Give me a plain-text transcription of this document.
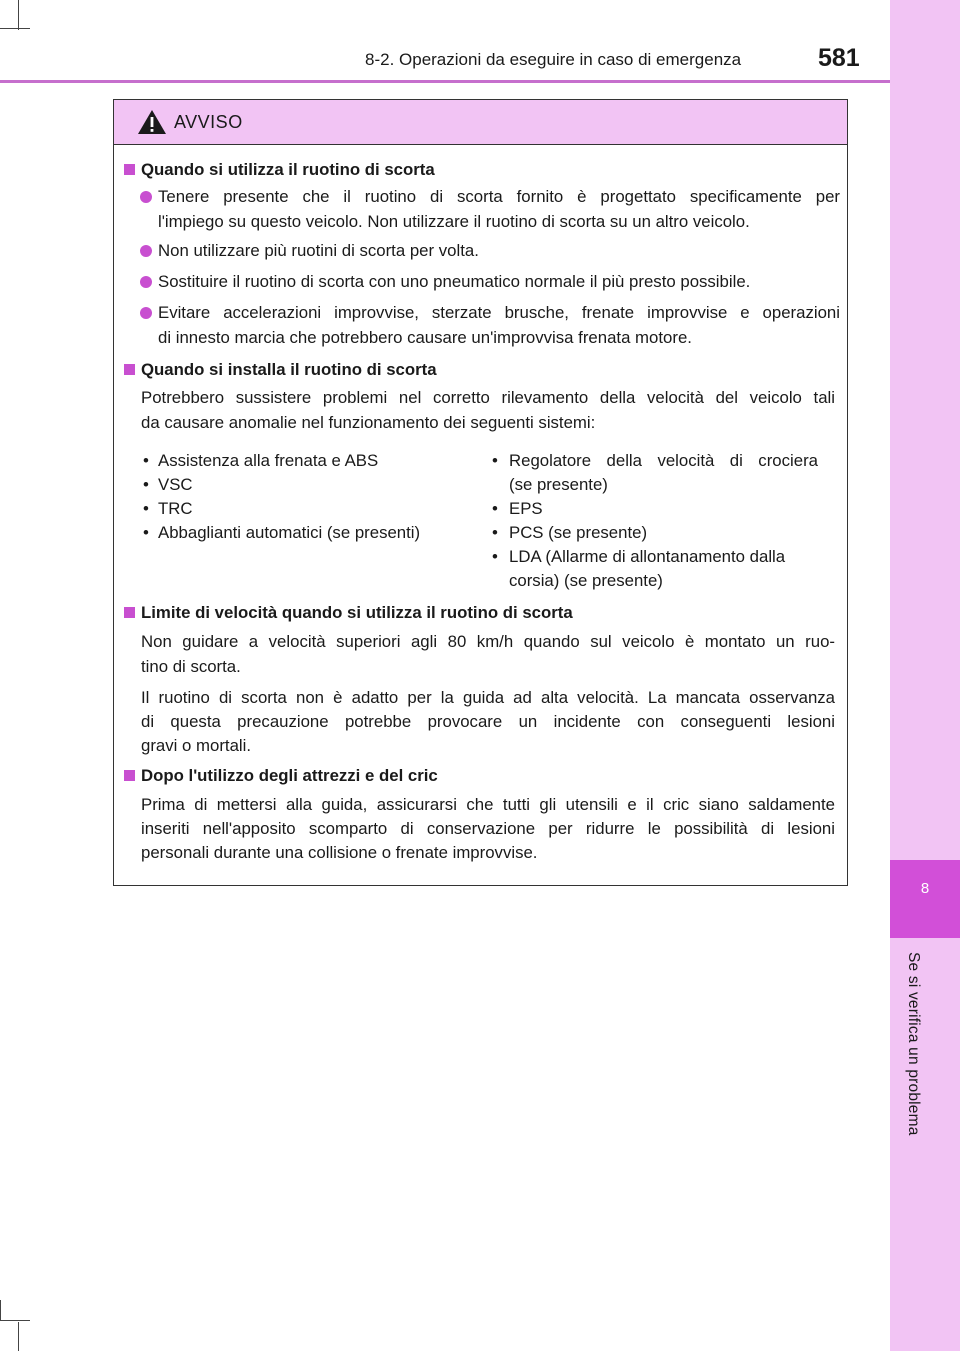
8
Se si verifica un problema
8-2. Operazioni da eseguire in caso di emergenza	581
AVVISO
Quando si utilizza il ruotino di scorta
Tenere presente che il ruotino di scorta fornito è progettato specificamente per
l'impiego su questo veicolo. Non utilizzare il ruotino di scorta su un altro veicolo.
Non utilizzare più ruotini di scorta per volta.
Sostituire il ruotino di scorta con uno pneumatico normale il più presto possibile.
Evitare accelerazioni improvvise, sterzate brusche, frenate improvvise e operazioni
di innesto marcia che potrebbero causare un'improvvisa frenata motore.
Quando si installa il ruotino di scorta
Potrebbero sussistere problemi nel corretto rilevamento della velocità del veicolo tali
da causare anomalie nel funzionamento dei seguenti sistemi:
• Assistenza alla frenata e ABS
• VSC
• TRC
• Abbaglianti automatici (se presenti)
• Regolatore della velocità di crociera
(se presente)
• EPS
• PCS (se presente)
• LDA (Allarme di allontanamento dalla
corsia) (se presente)
Limite di velocità quando si utilizza il ruotino di scorta
Non guidare a velocità superiori agli 80 km/h quando sul veicolo è montato un ruo-
tino di scorta.
Il ruotino di scorta non è adatto per la guida ad alta velocità. La mancata osservanza
di questa precauzione potrebbe provocare un incidente con conseguenti lesioni
gravi o mortali.
Dopo l'utilizzo degli attrezzi e del cric
Prima di mettersi alla guida, assicurarsi che tutti gli utensili e il cric siano saldamente
inseriti nell'apposito scomparto di conservazione per ridurre le possibilità di lesioni
personali durante una collisione o frenate improvvise.
